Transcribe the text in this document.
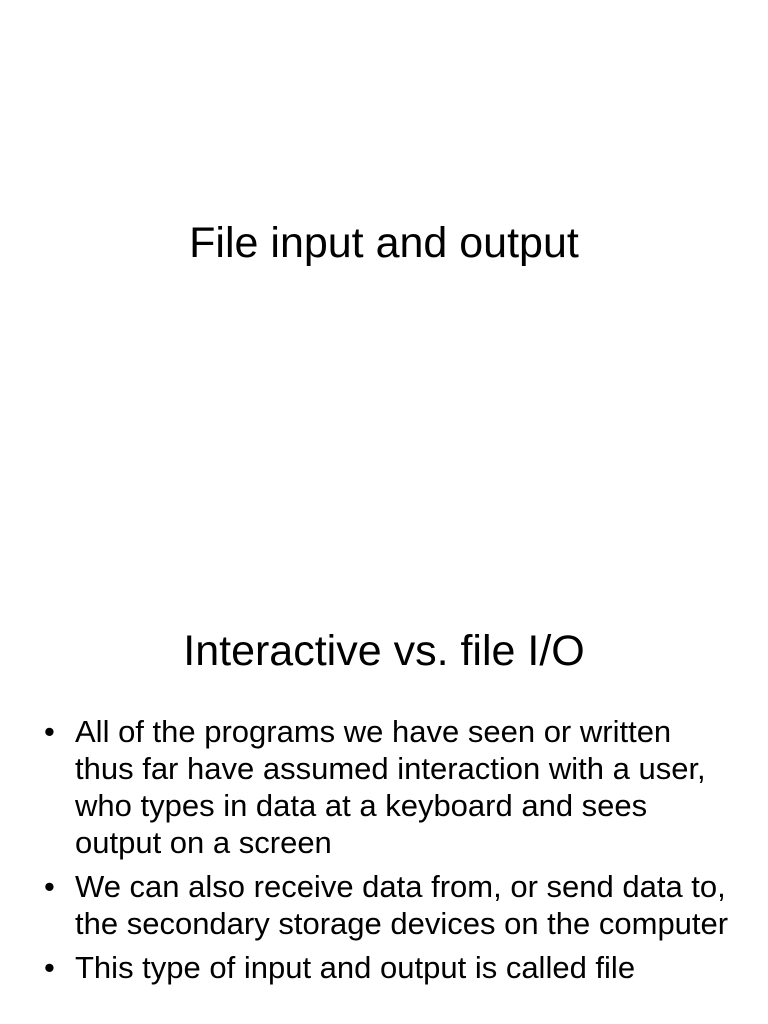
File input and output
Interactive vs. file I/O
• All of the programs we have seen or written thus far have assumed interaction with a user, who types in data at a keyboard and sees output on a screen
• We can also receive data from, or send data to, the secondary storage devices on the computer
• This type of input and output is called file
